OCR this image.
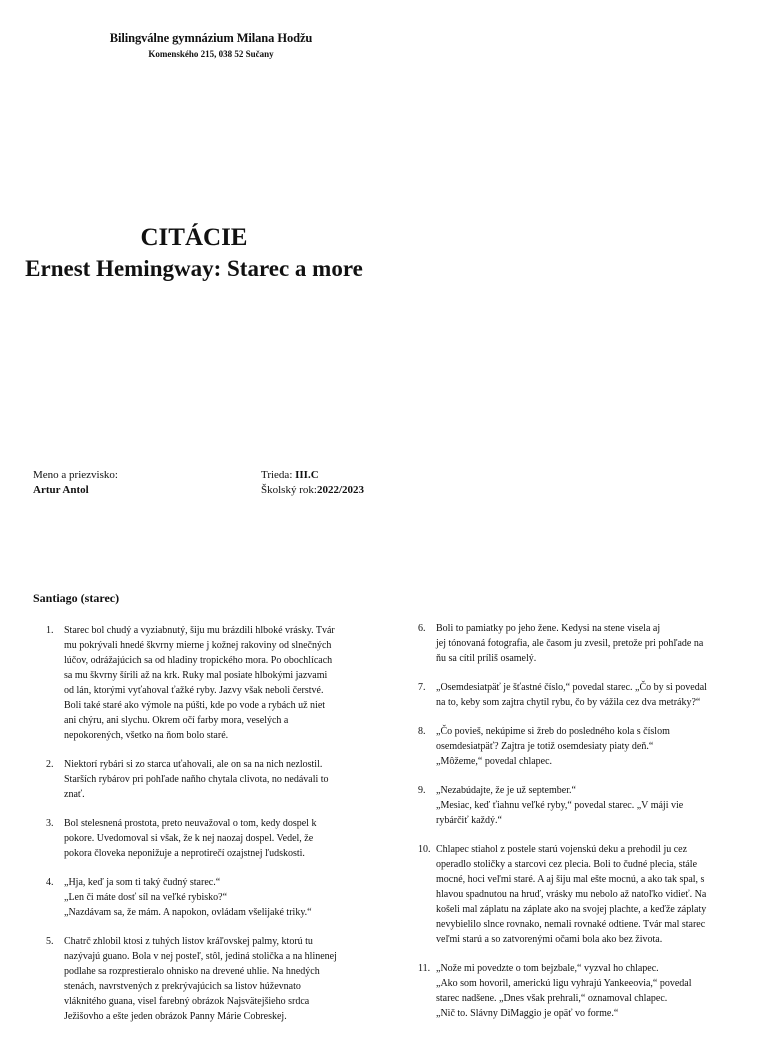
Bilingválne gymnázium Milana Hodžu
Komenského 215, 038 52 Sučany
CITÁCIE
Ernest Hemingway: Starec a more
Meno a priezvisko:
Artur Antol
Trieda: III.C
Školský rok:2022/2023
Santiago (starec)
1. Starec bol chudý a vyziabnutý, šiju mu brázdili hlboké vrásky. Tvár
mu pokrývali hnedé škvrny mierne j kožnej rakoviny od slnečných
lúčov, odrážajúcich sa od hladiny tropického mora. Po obochlícach
sa mu škvrny šírili až na krk. Ruky mal posiate hlbokými jazvami
od lán, ktorými vyťahoval ťažké ryby. Jazvy však neboli čerstvé.
Boli také staré ako výmole na púšti, kde po vode a rybách už niet
ani chýru, ani slychu. Okrem očí farby mora, veselých a
nepokorených, všetko na ňom bolo staré.
2. Niektorí rybári si zo starca uťahovali, ale on sa na nich nezlostil.
Starších rybárov pri pohľade naňho chytala clivota, no nedávali to
znať.
3. Bol stelesnená prostota, preto neuvažoval o tom, kedy dospel k
pokore. Uvedomoval si však, že k nej naozaj dospel. Vedel, že
pokora človeka neponižuje a neprotirečí ozajstnej ľudskosti.
4. „Hja, keď ja som ti taký čudný starec.“
„Len či máte dosť síl na veľké rybisko?“
„Nazdávam sa, že mám. A napokon, ovládam všelijaké triky.“
5. Chatrč zhlobil ktosi z tuhých listov kráľovskej palmy, ktorú tu
nazývajú guano. Bola v nej posteľ, stôl, jediná stolička a na hlinenej
podlahe sa rozprestieralo ohnisko na drevené uhlie. Na hnedých
stenách, navrstvených z prekrývajúcich sa listov húževnato
vláknitého guana, visel farebný obrázok Najsvätejšieho srdca
Ježišovho a ešte jeden obrázok Panny Márie Cobreskej.
6. Boli to pamiatky po jeho žene. Kedysi na stene visela aj
jej tónovaná fotografia, ale časom ju zvesil, pretože pri pohľade na
ňu sa cítil príliš osamelý.
7. „Osemdesiatpäť je šťastné číslo,“ povedal starec. „Čo by si povedal
na to, keby som zajtra chytil rybu, čo by vážila cez dva metráky?“
8. „Čo povieš, nekúpime si žreb do posledného kola s číslom
osemdesiatpäť? Zajtra je totiž osemdesiaty piaty deň.“
„Môžeme,“ povedal chlapec.
9. „Nezabúdajte, že je už september.“
„Mesiac, keď ťiahnu veľké ryby,“ povedal starec. „V máji vie
rybárčiť každý.“
10. Chlapec stiahol z postele starú vojenskú deku a prehodil ju cez
operadlo stoličky a starcovi cez plecia. Boli to čudné plecia, stále
mocné, hoci veľmi staré. A aj šiju mal ešte mocnú, a ako tak spal, s
hlavou spadnutou na hruď, vrásky mu nebolo až natoľko vidieť. Na
košeli mal záplatu na záplate ako na svojej plachte, a keďže záplaty
nevybielilo slnce rovnako, nemali rovnaké odtiene. Tvár mal starec
veľmi starú a so zatvorenými očami bola ako bez života.
11. „Nože mi povedzte o tom bejzbale,“ vyzval ho chlapec.
„Ako som hovoril, americkú ligu vyhrajú Yankeeovia,“ povedal
starec nadšene. „Dnes však prehrali,“ oznamoval chlapec.
„Nič to. Slávny DiMaggio je opäť vo forme.“
